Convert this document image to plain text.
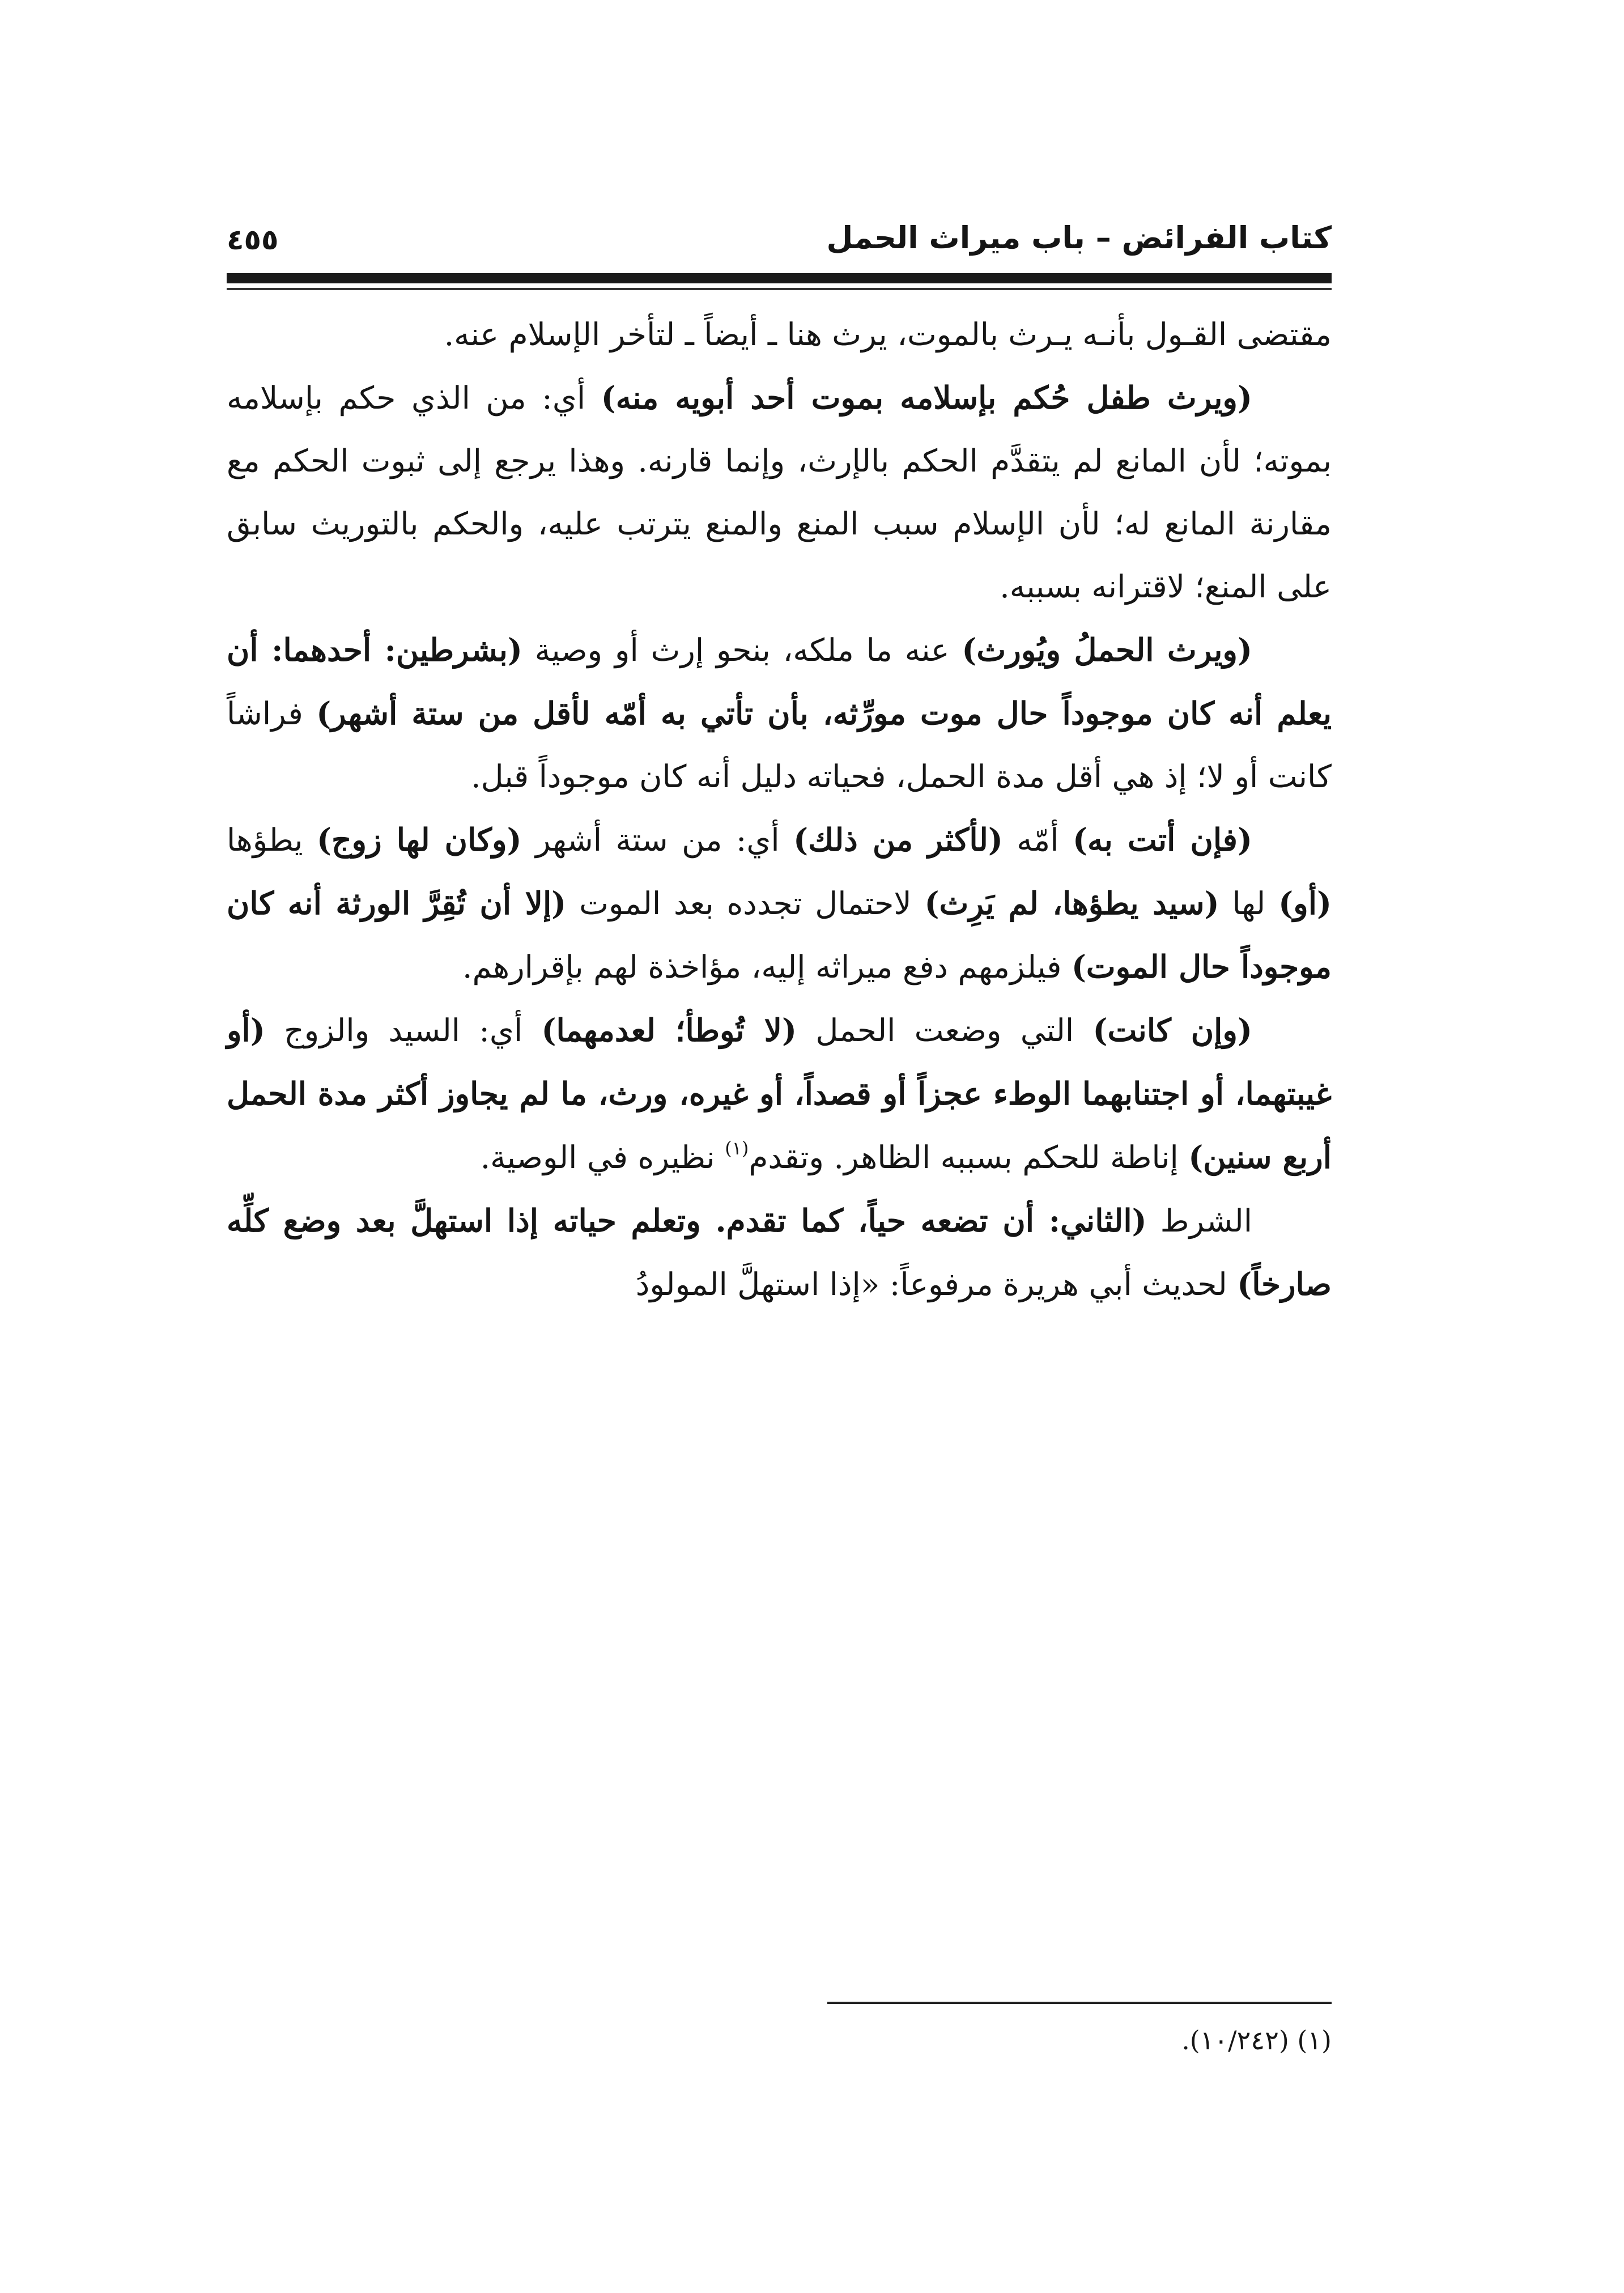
كتاب الفرائض – باب ميراث الحمل
٤٥٥

مقتضى القـول بأنـه يـرث بالموت، يرث هنا ـ أيضاً ـ لتأخر الإسلام عنه.

(ويرث طفل حُكم بإسلامه بموت أحد أبويه منه) أي: من الذي حكم بإسلامه بموته؛ لأن المانع لم يتقدَّم الحكم بالإرث، وإنما قارنه. وهذا يرجع إلى ثبوت الحكم مع مقارنة المانع له؛ لأن الإسلام سبب المنع والمنع يترتب عليه، والحكم بالتوريث سابق على المنع؛ لاقترانه بسببه.

(ويرث الحملُ ويُورث) عنه ما ملكه، بنحو إرث أو وصية (بشرطين: أحدهما: أن يعلم أنه كان موجوداً حال موت مورِّثه، بأن تأتي به أمّه لأقل من ستة أشهر) فراشاً كانت أو لا؛ إذ هي أقل مدة الحمل، فحياته دليل أنه كان موجوداً قبل.

(فإن أتت به) أمّه (لأكثر من ذلك) أي: من ستة أشهر (وكان لها زوج) يطؤها (أو) لها (سيد يطؤها، لم يَرِث) لاحتمال تجدده بعد الموت (إلا أن تُقِرَّ الورثة أنه كان موجوداً حال الموت) فيلزمهم دفع ميراثه إليه، مؤاخذة لهم بإقرارهم.

(وإن كانت) التي وضعت الحمل (لا تُوطأ؛ لعدمهما) أي: السيد والزوج (أو غيبتهما، أو اجتنابهما الوطء عجزاً أو قصداً، أو غيره، ورث، ما لم يجاوز أكثر مدة الحمل أربع سنين) إناطة للحكم بسببه الظاهر. وتقدم$^{(١)}$ نظيره في الوصية.

الشرط (الثاني: أن تضعه حياً، كما تقدم. وتعلم حياته إذا استهلَّ بعد وضع كلِّه صارخاً) لحديث أبي هريرة مرفوعاً: «إذا استهلَّ المولودُ

(١) (١٠/٢٤٢).
